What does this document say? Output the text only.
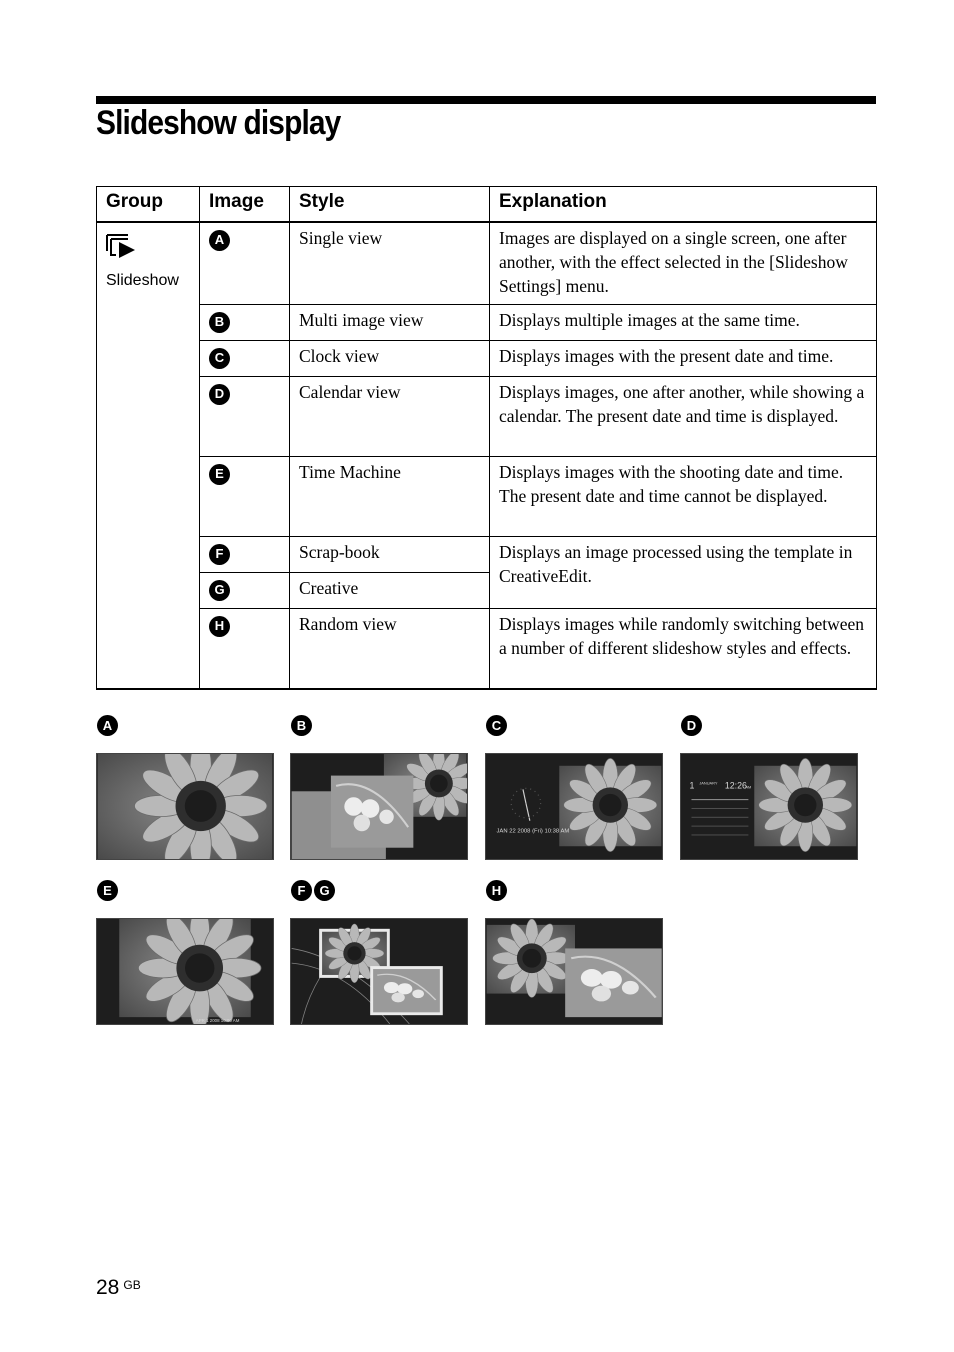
Slideshow display
Group	Image	Style	Explanation

Slideshow	A	Single view	Images are displayed on a single screen, one after another, with the effect selected in the [Slideshow Settings] menu.
	B	Multi image view	Displays multiple images at the same time.
	C	Clock view	Displays images with the present date and time.
	D	Calendar view	Displays images, one after another, while showing a calendar. The present date and time is displayed.
	E	Time Machine	Displays images with the shooting date and time. The present date and time cannot be displayed.
	F	Scrap-book	Displays an image processed using the template in CreativeEdit.
	G	Creative	
	H	Random view	Displays images while randomly switching between a number of different slideshow styles and effects.
A	B	C
JAN 22 2008 (Fri) 10:38 AM
D
1 JANUARY 12:26
AM
E
APR 1 2008 10:00 AM
F	G	H
28 $^{GB}$
